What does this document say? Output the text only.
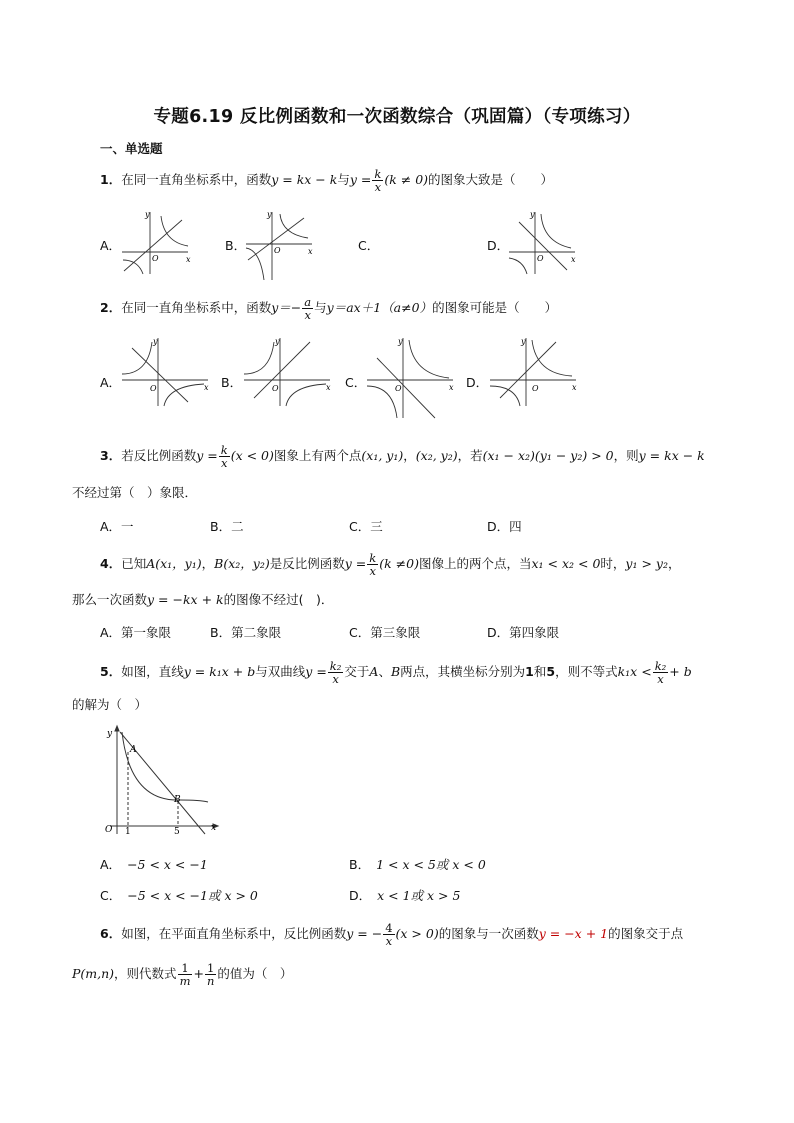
专题6.19 反比例函数和一次函数综合（巩固篇）（专项练习）
一、单选题
1．在同一直角坐标系中，函数y = kx − k与$y = \frac{k}{x} (k \ne 0)$的图象大致是（　　）
A．	B．	C．	D．
y
x
O
y
x
O
y
x
O
2．在同一直角坐标系中，函数$y=- \frac{a}{x}$ 与y＝ax＋1（a≠0）的图象可能是（　　）
A．	B．	C．	D．
y
x
O
y
x
O
y
x
O
y
x
O
3．若反比例函数$y = \frac{k}{x} (x < 0)$图象上有两个点(x₁, y₁)，(x₂, y₂)，若(x₁ − x₂)(y₁ − y₂) > 0，则y = kx − k
不经过第（　）象限．
A．一	B．二	C．三	D．四
4．已知A(x₁，y₁)，B(x₂，y₂)是反比例函数$y = \frac{k}{x} (k \ne 0)$图像上的两个点，当x₁ < x₂ < 0时，y₁ > y₂，
那么一次函数y = −kx + k的图像不经过(　)．
A．第一象限	B．第二象限	C．第三象限	D．第四象限
5．如图，直线y = k₁x + b与双曲线$y = \frac{\text{k₂}}{x}$ 交于A、B两点，其横坐标分别为1和5，则不等式$k_1x < \frac{\text{k₂}}{x} + b$
的解为（　）
y
A
B
O 1	5	x
A． −5 < x < −1	B． 1 < x < 5或 x < 0
C． −5 < x < −1或 x > 0	D． x < 1或 x > 5
6．如图，在平面直角坐标系中，反比例函数y = − $\frac{4}{x} (x > 0)$的图象与一次函数y = −x + 1的图象交于点
P(m,n)，则代数式 $\frac{1}{m} + \frac{1}{n}$ 的值为（　）
